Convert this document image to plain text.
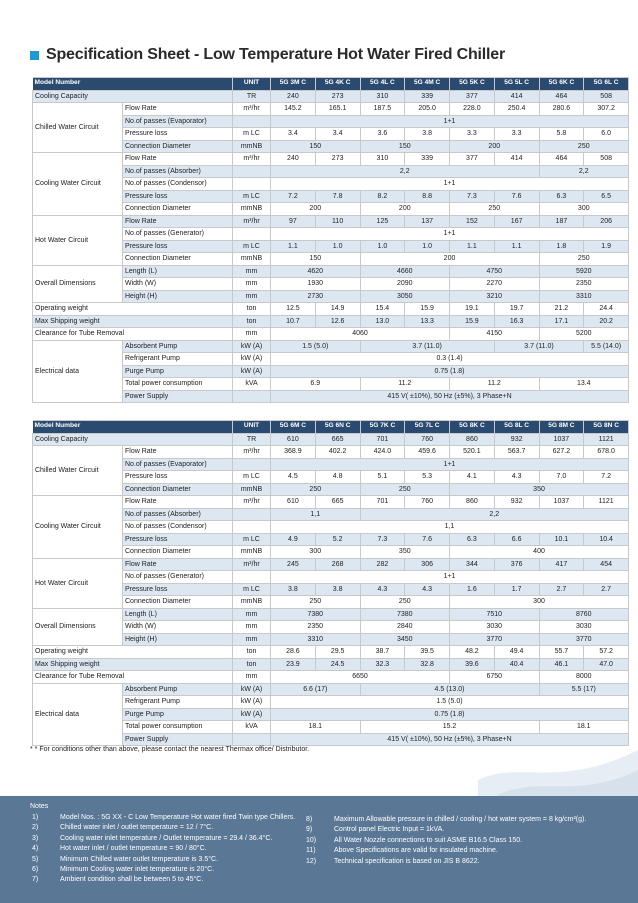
Specification Sheet - Low Temperature Hot Water Fired Chiller
Model Number		UNIT	5G 3M C	5G 4K C	5G 4L C	5G 4M C	5G 5K C	5G 5L C	5G 6K C	5G 6L C
Cooling Capacity		TR	240	273	310	339	377	414	464	508
Chilled Water Circuit	Flow Rate	m³/hr	145.2	165.1	187.5	205.0	228.0	250.4	280.6	307.2
	No.of passes (Evaporator)		1+1							
	Pressure loss	m LC	3.4	3.4	3.6	3.8	3.3	3.3	5.8	6.0
	Connection Diameter	mmNB	150		150		200		250	
Cooling Water Circuit	Flow Rate	m³/hr	240	273	310	339	377	414	464	508
	No.of passes (Absorber)		2,2						2,2	
	No.of passes (Condensor)		1+1							
	Pressure loss	m LC	7.2	7.8	8.2	8.8	7.3	7.6	6.3	6.5
	Connection Diameter	mmNB	200		200		250		300	
Hot Water Circuit	Flow Rate	m³/hr	97	110	125	137	152	167	187	206
	No.of passes (Generator)		1+1							
	Pressure loss	m LC	1.1	1.0	1.0	1.0	1.1	1.1	1.8	1.9
	Connection Diameter	mmNB	150		200				250	
Overall Dimensions	Length (L)	mm	4620		4660		4750		5920	
	Width (W)	mm	1930		2090		2270		2350	
	Height (H)	mm	2730		3050		3210		3310	
Operating weight		ton	12.5	14.9	15.4	15.9	19.1	19.7	21.2	24.4
Max Shipping weight		ton	10.7	12.6	13.0	13.3	15.9	16.3	17.1	20.2
Clearance for Tube Removal		mm	4060				4150		5200	
Electrical data	Absorbent Pump	kW (A)	1.5 (5.0)		3.7 (11.0)			3.7 (11.0)		5.5 (14.0)
	Refrigerant Pump	kW (A)	0.3 (1.4)							
	Purge Pump	kW (A)	0.75 (1.8)							
	Total power consumption	kVA	6.9		11.2		11.2		13.4	
	Power Supply		415 V( ±10%), 50 Hz (±5%), 3 Phase+N							
Model Number		UNIT	5G 6M C	5G 6N C	5G 7K C	5G 7L C	5G 8K C	5G 8L C	5G 8M C	5G 8N C
Cooling Capacity		TR	610	665	701	760	860	932	1037	1121
Chilled Water Circuit	Flow Rate	m³/hr	368.9	402.2	424.0	459.6	520.1	563.7	627.2	678.0
	No.of passes (Evaporator)		1+1							
	Pressure loss	m LC	4.5	4.8	5.1	5.3	4.1	4.3	7.0	7.2
	Connection Diameter	mmNB	250		250		350			
Cooling Water Circuit	Flow Rate	m³/hr	610	665	701	760	860	932	1037	1121
	No.of passes (Absorber)		1,1		2,2					
	No.of passes (Condensor)		1,1							
	Pressure loss	m LC	4.9	5.2	7.3	7.6	6.3	6.6	10.1	10.4
	Connection Diameter	mmNB	300		350		400			
Hot Water Circuit	Flow Rate	m³/hr	245	268	282	306	344	376	417	454
	No.of passes (Generator)		1+1							
	Pressure loss	m LC	3.8	3.8	4.3	4.3	1.6	1.7	2.7	2.7
	Connection Diameter	mmNB	250		250		300			
Overall Dimensions	Length (L)	mm	7380		7380		7510		8760	
	Width (W)	mm	2350		2840		3030		3030	
	Height (H)	mm	3310		3450		3770		3770	
Operating weight		ton	28.6	29.5	38.7	39.5	48.2	49.4	55.7	57.2
Max Shipping weight		ton	23.9	24.5	32.3	32.8	39.6	40.4	46.1	47.0
Clearance for Tube Removal		mm	6650				6750		8000	
Electrical data	Absorbent Pump	kW (A)	6.6 (17)		4.5 (13.0)				5.5 (17)	
	Refrigerant Pump	kW (A)	1.5 (5.0)							
	Purge Pump	kW (A)	0.75 (1.8)							
	Total power consumption	kVA	18.1		15.2				18.1	
	Power Supply		415 V( ±10%), 50 Hz (±5%), 3 Phase+N							
* * For conditions other than above, please contact the nearest Thermax office/ Distributor.
Notes
1)	Model Nos. : 5G XX - C Low Temperature Hot water fired Twin type Chillers.
2)	Chilled water inlet / outlet temperature = 12 / 7°C.
3)	Cooling water inlet temperature / Outlet temperature = 29.4 / 36.4°C.
4)	Hot water inlet / outlet temperature = 90 / 80°C.
5)	Minimum Chilled water outlet temperature is 3.5°C.
6)	Minimum Cooling water inlet temperature is 20°C.
7)	Ambient condition shall be between 5 to 45°C.
8)	Maximum Allowable pressure in chilled / cooling / hot water system = 8 kg/cm²(g).
9)	Control panel Electric Input = 1kVA.
10)	All Water Nozzle connections to suit ASME B16.5 Class 150.
11)	Above Specifications are valid for insulated machine.
12)	Technical specification is based on JIS B 8622.
